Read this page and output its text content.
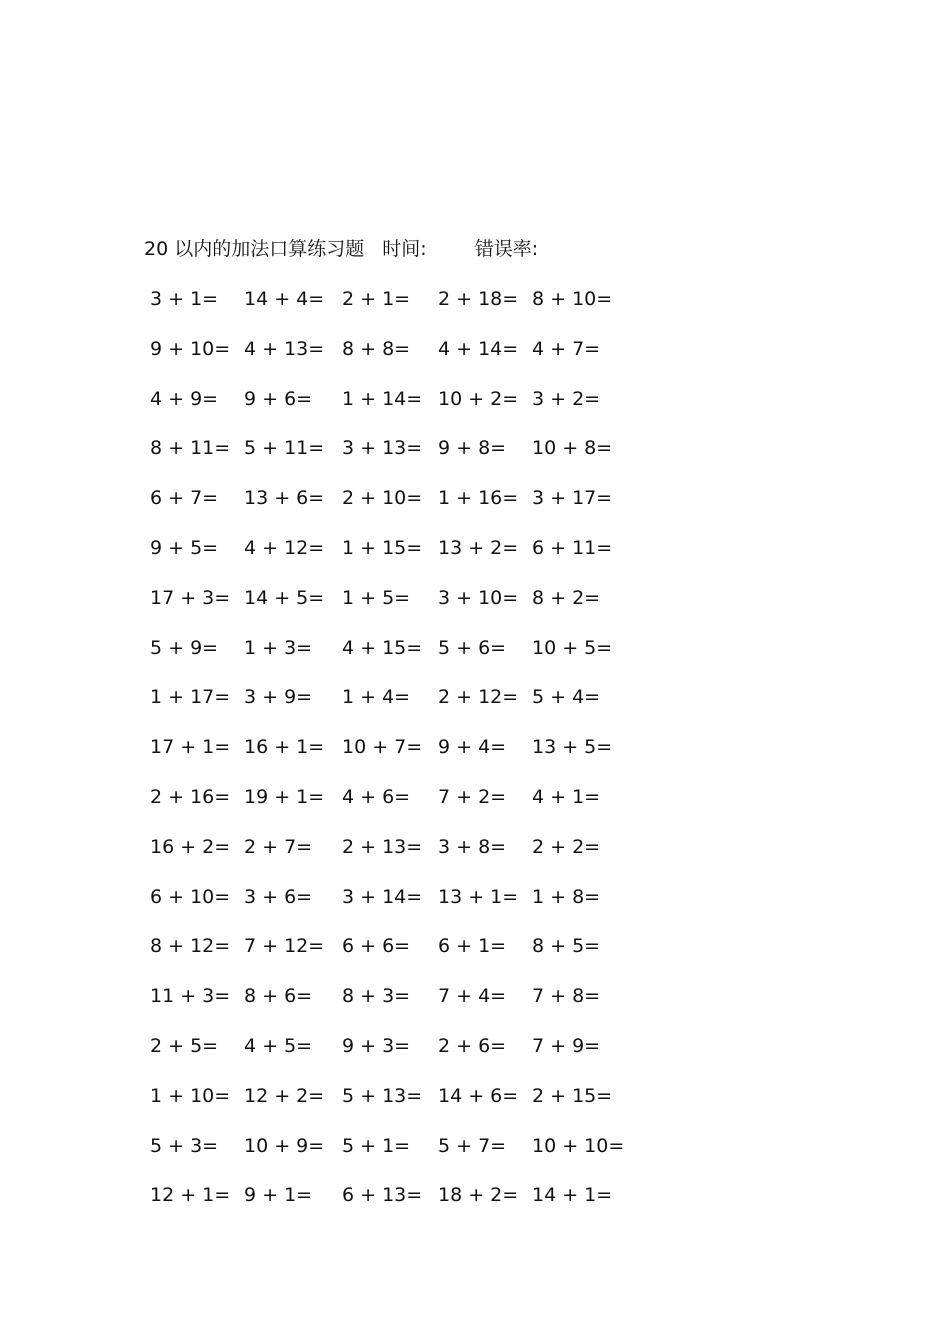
20 以内的加法口算练习题 时间:	错误率:
3 + 1= 14 + 4= 2 + 1= 2 + 18= 8 + 10=
9 + 10= 4 + 13= 8 + 8= 4 + 14= 4 + 7=
4 + 9= 9 + 6= 1 + 14= 10 + 2= 3 + 2=
8 + 11= 5 + 11= 3 + 13= 9 + 8= 10 + 8=
6 + 7= 13 + 6= 2 + 10= 1 + 16= 3 + 17=
9 + 5= 4 + 12= 1 + 15= 13 + 2= 6 + 11=
17 + 3= 14 + 5= 1 + 5= 3 + 10= 8 + 2=
5 + 9= 1 + 3= 4 + 15= 5 + 6= 10 + 5=
1 + 17= 3 + 9= 1 + 4= 2 + 12= 5 + 4=
17 + 1= 16 + 1= 10 + 7= 9 + 4= 13 + 5=
2 + 16= 19 + 1= 4 + 6= 7 + 2= 4 + 1=
16 + 2= 2 + 7= 2 + 13= 3 + 8= 2 + 2=
6 + 10= 3 + 6= 3 + 14= 13 + 1= 1 + 8=
8 + 12= 7 + 12= 6 + 6= 6 + 1= 8 + 5=
11 + 3= 8 + 6= 8 + 3= 7 + 4= 7 + 8=
2 + 5= 4 + 5= 9 + 3= 2 + 6= 7 + 9=
1 + 10= 12 + 2= 5 + 13= 14 + 6= 2 + 15=
5 + 3= 10 + 9= 5 + 1= 5 + 7= 10 + 10=
12 + 1= 9 + 1= 6 + 13= 18 + 2= 14 + 1=
